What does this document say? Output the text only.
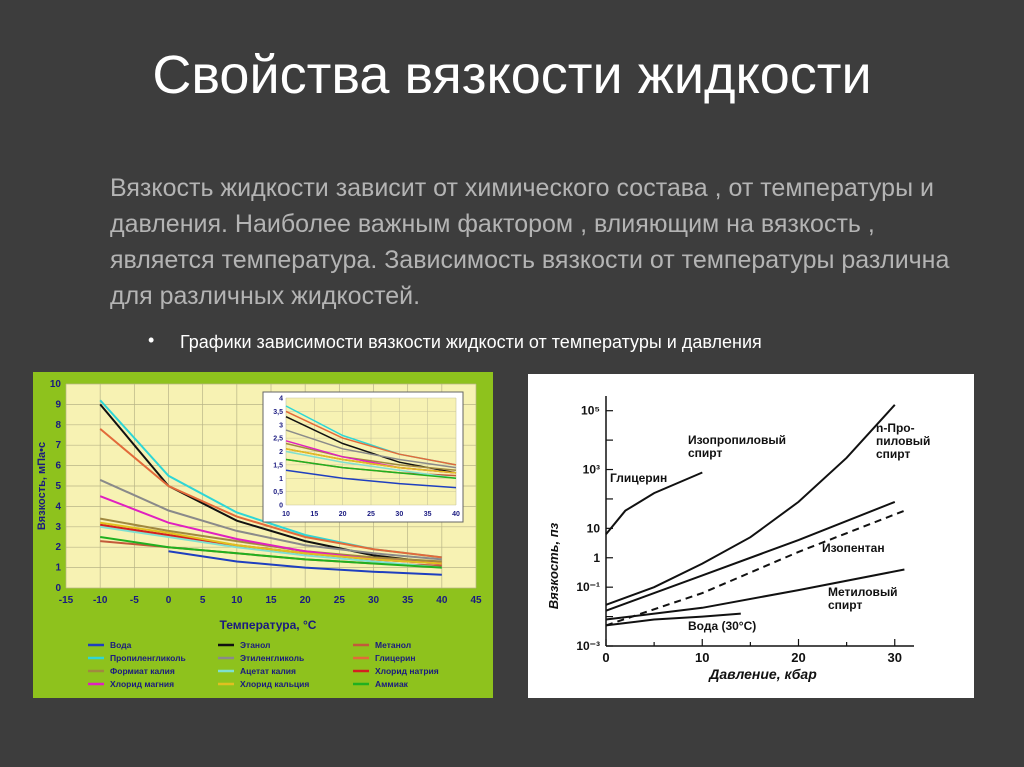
Свойства вязкости жидкости
Вязкость жидкости зависит от химического состава , от температуры и давления. Наиболее важным фактором , влияющим на вязкость , является температура. Зависимость вязкости от температуры различна для различных жидкостей.
• Графики зависимости вязкости жидкости от температуры и давления
-15 -10 -5	0	5	10 15 20 25 30 35 40 45
0
1
2
3
4
5
6
7
8
9
10
Вязкость, мПа•с
Температура, °C
10	15	20	25	30	35	40
0
0,5
1
1,5
2
2,5
3
3,5
4
Вода	Этанол	Метанол
Пропиленгликоль	Этиленгликоль	Глицерин
Формиат калия	Ацетат калия	Хлорид натрия
Хлорид магния	Хлорид кальция	Аммиак
10⁵
10³
10
1
10⁻¹
10⁻³
0	10	20	30
Вязкость, пз
Давление, кбар
Изопропиловый спирт
n-Про-пиловый спирт
Глицерин
Изопентан
Метиловый спирт
Вода (30°С)
